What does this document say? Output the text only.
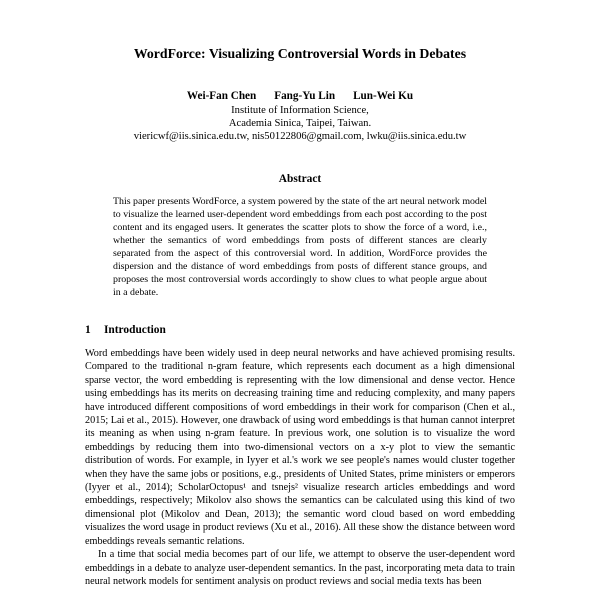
WordForce: Visualizing Controversial Words in Debates
Wei-Fan Chen Fang-Yu Lin Lun-Wei Ku
Institute of Information Science,
Academia Sinica, Taipei, Taiwan.
viericwf@iis.sinica.edu.tw, nis50122806@gmail.com, lwku@iis.sinica.edu.tw
Abstract
This paper presents WordForce, a system powered by the state of the art neural network model to visualize the learned user-dependent word embeddings from each post according to the post content and its engaged users. It generates the scatter plots to show the force of a word, i.e., whether the semantics of word embeddings from posts of different stances are clearly separated from the aspect of this controversial word. In addition, WordForce provides the dispersion and the distance of word embeddings from posts of different stance groups, and proposes the most controversial words accordingly to show clues to what people argue about in a debate.
1 Introduction

Word embeddings have been widely used in deep neural networks and have achieved promising results. Compared to the traditional n-gram feature, which represents each document as a high dimensional sparse vector, the word embedding is representing with the low dimensional and dense vector. Hence using embeddings has its merits on decreasing training time and reducing complexity, and many papers have introduced different compositions of word embeddings in their work for comparison (Chen et al., 2015; Lai et al., 2015). However, one drawback of using word embeddings is that human cannot interpret its meaning as when using n-gram feature. In previous work, one solution is to visualize the word embeddings by reducing them into two-dimensional vectors on a x-y plot to view the semantic distribution of words. For example, in Iyyer et al.'s work we see people's names would cluster together when they have the same jobs or positions, e.g., presidents of United States, prime ministers or emperors (Iyyer et al., 2014); ScholarOctopus¹ and tsnejs² visualize research articles embeddings and word embeddings, respectively; Mikolov also shows the semantics can be calculated using this kind of two dimensional plot (Mikolov and Dean, 2013); the semantic word cloud based on word embedding visualizes the word usage in product reviews (Xu et al., 2016). All these show the distance between word embeddings reveals semantic relations.

In a time that social media becomes part of our life, we attempt to observe the user-dependent word embeddings in a debate to analyze user-dependent semantics. In the past, incorporating meta data to train neural network models for sentiment analysis on product reviews and social media texts has been
